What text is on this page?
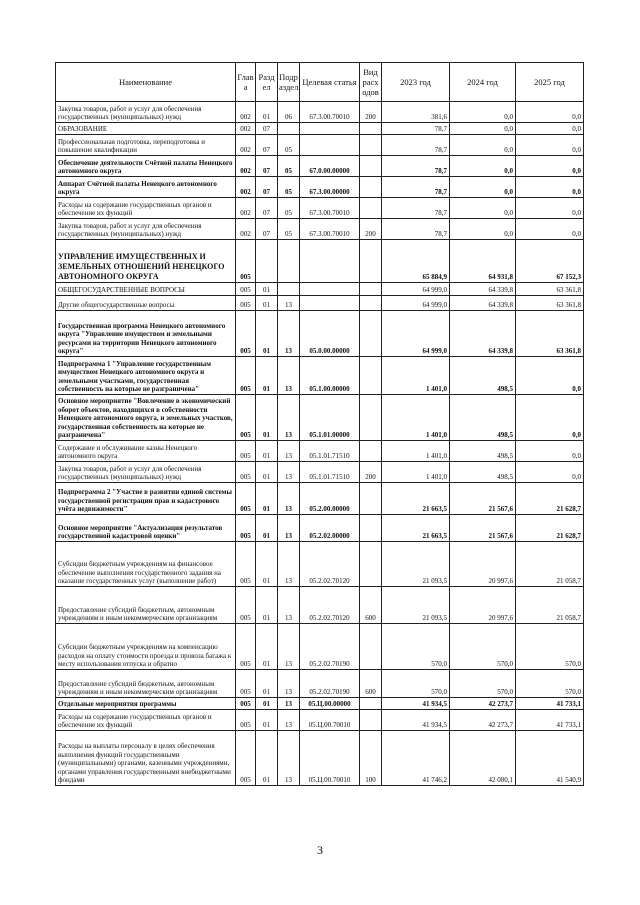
Наименование	Глав а	Разд ел	Подр аздел	Целевая статья	Вид расх одов	2023 год	2024 год	2025 год
Закупка товаров, работ и услуг для обеспечения государственных (муниципальных) нужд	002	01	06	67.3.00.70010	200	381,6	0,0	0,0
ОБРАЗОВАНИЕ	002	07				78,7	0,0	0,0
Профессиональная подготовка, переподготовка и повышение квалификации	002	07	05			78,7	0,0	0,0
Обеспечение деятельности Счётной палаты Ненецкого автономного округа	002	07	05	67.0.00.00000		78,7	0,0	0,0
Аппарат Счётной палаты Ненецкого автономного округа	002	07	05	67.3.00.00000		78,7	0,0	0,0
Расходы на содержание государственных органов и обеспечение их функций	002	07	05	67.3.00.70010		78,7	0,0	0,0
Закупка товаров, работ и услуг для обеспечения государственных (муниципальных) нужд	002	07	05	67.3.00.70010	200	78,7	0,0	0,0
УПРАВЛЕНИЕ ИМУЩЕСТВЕННЫХ И ЗЕМЕЛЬНЫХ ОТНОШЕНИЙ НЕНЕЦКОГО АВТОНОМНОГО ОКРУГА	005					65 884,9	64 931,8	67 152,3
ОБЩЕГОСУДАРСТВЕННЫЕ ВОПРОСЫ	005	01				64 999,0	64 339,8	63 361,8
Другие общегосударственные вопросы	005	01	13			64 999,0	64 339,8	63 361,8
Государственная программа Ненецкого автономного округа "Управление имуществом и земельными ресурсами на территории Ненецкого автономного округа"	005	01	13	05.0.00.00000		64 999,0	64 339,8	63 361,8
Подпрограмма 1 "Управление государственным имуществом Ненецкого автономного округа и земельными участками, государственная собственность на которые не разграничена"	005	01	13	05.1.00.00000		1 401,0	498,5	0,0
Основное мероприятие "Вовлечение в экономический оборот объектов, находящихся в собственности Ненецкого автономного округа, и земельных участков, государственная собственность на которые не разграничена"	005	01	13	05.1.01.00000		1 401,0	498,5	0,0
Содержание и обслуживание казны Ненецкого автономного округа	005	01	13	05.1.01.71510		1 401,0	498,5	0,0
Закупка товаров, работ и услуг для обеспечения государственных (муниципальных) нужд	005	01	13	05.1.01.71510	200	1 401,0	498,5	0,0
Подпрограмма 2 "Участие в развитии единой системы государственной регистрации прав и кадастрового учёта недвижимости"	005	01	13	05.2.00.00000		21 663,5	21 567,6	21 628,7
Основное мероприятие "Актуализация результатов государственной кадастровой оценки"	005	01	13	05.2.02.00000		21 663,5	21 567,6	21 628,7
Субсидии бюджетным учреждениям на финансовое обеспечение выполнения государственного задания на оказание государственных услуг (выполнение работ)	005	01	13	05.2.02.70120		21 093,5	20 997,6	21 058,7
Предоставление субсидий бюджетным, автономным учреждениям и иным некоммерческим организациям	005	01	13	05.2.02.70120	600	21 093,5	20 997,6	21 058,7
Субсидии бюджетным учреждениям на компенсацию расходов на оплату стоимости проезда и провоза багажа к месту использования отпуска и обратно	005	01	13	05.2.02.70190		570,0	570,0	570,0
Предоставление субсидий бюджетным, автономным учреждениям и иным некоммерческим организациям	005	01	13	05.2.02.70190	600	570,0	570,0	570,0
Отдельные мероприятия программы	005	01	13	05.Ц.00.00000		41 934,5	42 273,7	41 733,1
Расходы на содержание государственных органов и обеспечение их функций	005	01	13	05.Ц.00.70010		41 934,5	42 273,7	41 733,1
Расходы на выплаты персоналу в целях обеспечения выполнения функций государственными (муниципальными) органами, казенными учреждениями, органами управления государственными внебюджетными фондами	005	01	13	05.Ц.00.70010	100	41 746,2	42 080,1	41 540,9
3
